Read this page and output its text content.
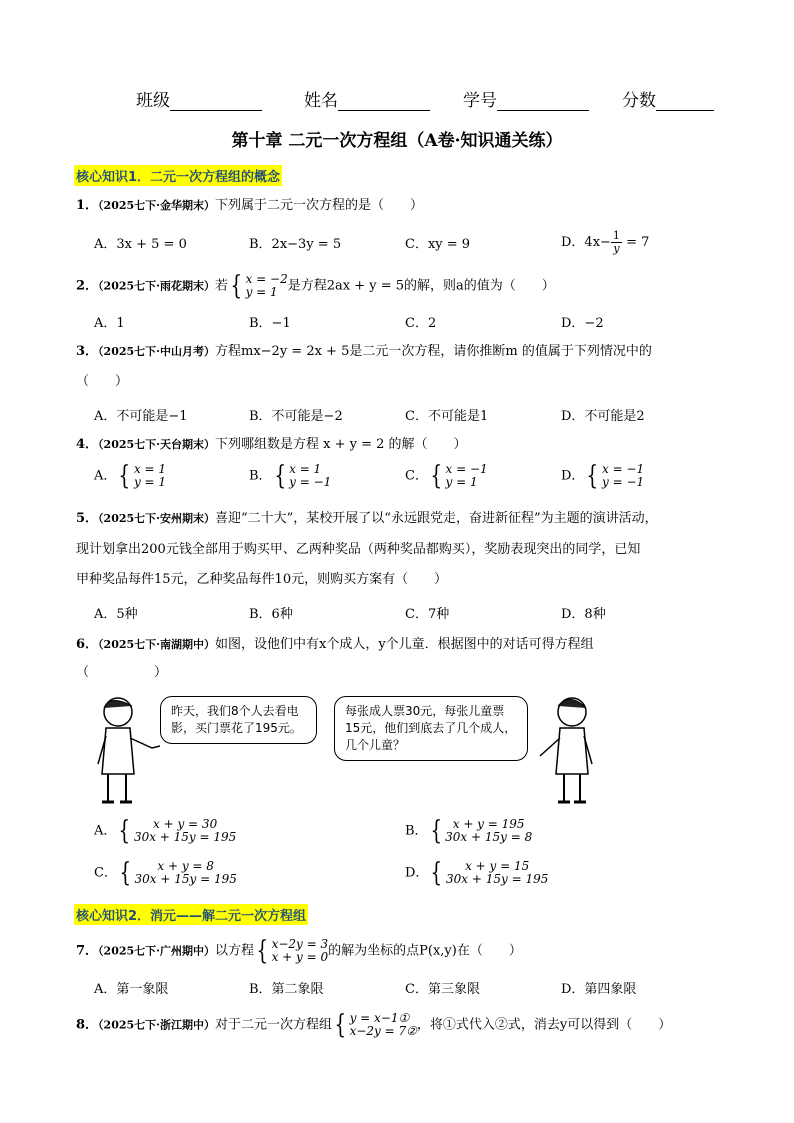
班级	姓名	学号	分数
第十章 二元一次方程组（A卷·知识通关练）
核心知识1．二元一次方程组的概念
1．（2025七下·金华期末）下列属于二元一次方程的是（　　）
A．3x + 5 = 0	B．2x−3y = 5	C．xy = 9	D．$4x- \frac{1}{y} = 7$
2．（2025七下·雨花期末）若 { x = −2
y = 1 是方程2ax + y = 5的解，则a的值为（　　）
A．1	B．−1	C．2	D．−2
3．（2025七下·中山月考）方程mx−2y = 2x + 5是二元一次方程，请你推断m 的值属于下列情况中的
（　　）
A．不可能是−1	B．不可能是−2	C．不可能是1	D．不可能是2
4．（2025七下·天台期末）下列哪组数是方程 x + y = 2 的解（　　）
A． { x = 1
y = 1	B． { x = 1
y = −1	C． { x = −1
y = 1	D． { x = −1
y = −1
5．（2025七下·安州期末）喜迎“二十大”，某校开展了以“永远跟党走，奋进新征程”为主题的演讲活动，
现计划拿出200元钱全部用于购买甲、乙两种奖品（两种奖品都购买），奖励表现突出的同学，已知
甲种奖品每件15元，乙种奖品每件10元，则购买方案有（　　）
A．5种	B．6种	C．7种	D．8种
6．（2025七下·南湖期中）如图，设他们中有x个成人，y个儿童．根据图中的对话可得方程组
（　　　　　）
昨天，我们8个人去看电影，买门票花了195元。
每张成人票30元，每张儿童票15元，他们到底去了几个成人，几个儿童？
A． {	x + y = 30
30x + 15y = 195	B． { x + y = 195
30x + 15y = 8
C． {	x + y = 8
30x + 15y = 195	D． {	x + y = 15
30x + 15y = 195
核心知识2．消元——解二元一次方程组
7．（2025七下·广州期中）以方程 { x−2y = 3
x + y = 0 的解为坐标的点P(x,y)在（　　）
A．第一象限	B．第二象限	C．第三象限	D．第四象限
8．（2025七下·浙江期中）对于二元一次方程组 { y = x−1①
x−2y = 7② ，将①式代入②式，消去y可以得到（　　）
